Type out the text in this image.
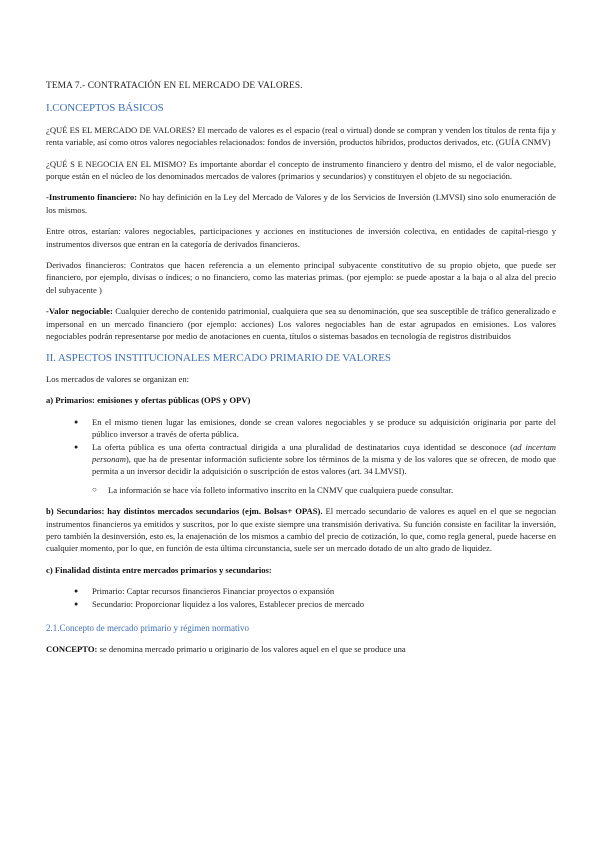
TEMA 7.- CONTRATACIÓN EN EL MERCADO DE VALORES.

I.CONCEPTOS BÁSICOS

¿QUÉ ES EL MERCADO DE VALORES? El mercado de valores es el espacio (real o virtual) donde se compran y venden los títulos de renta fija y renta variable, así como otros valores negociables relacionados: fondos de inversión, productos híbridos, productos derivados, etc. (GUÍA CNMV)

¿QUÉ S E NEGOCIA EN EL MISMO? Es importante abordar el concepto de instrumento financiero y dentro del mismo, el de valor negociable, porque están en el núcleo de los denominados mercados de valores (primarios y secundarios) y constituyen el objeto de su negociación.

-Instrumento financiero: No hay definición en la Ley del Mercado de Valores y de los Servicios de Inversión (LMVSI) sino solo enumeración de los mismos.

Entre otros, estarían: valores negociables, participaciones y acciones en instituciones de inversión colectiva, en entidades de capital-riesgo y instrumentos diversos que entran en la categoría de derivados financieros.

Derivados financieros: Contratos que hacen referencia a un elemento principal subyacente constitutivo de su propio objeto, que puede ser financiero, por ejemplo, divisas o índices; o no financiero, como las materias primas. (por ejemplo: se puede apostar a la baja o al alza del precio del subyacente )

-Valor negociable: Cualquier derecho de contenido patrimonial, cualquiera que sea su denominación, que sea susceptible de tráfico generalizado e impersonal en un mercado financiero (por ejemplo: acciones) Los valores negociables han de estar agrupados en emisiones. Los valores negociables podrán representarse por medio de anotaciones en cuenta, títulos o sistemas basados en tecnología de registros distribuidos

II. ASPECTOS INSTITUCIONALES MERCADO PRIMARIO DE VALORES

Los mercados de valores se organizan en:

a) Primarios: emisiones y ofertas públicas (OPS y OPV)

● En el mismo tienen lugar las emisiones, donde se crean valores negociables y se produce su adquisición originaria por parte del público inversor a través de oferta pública.
● La oferta pública es una oferta contractual dirigida a una pluralidad de destinatarios cuya identidad se desconoce (ad incertam personam), que ha de presentar información suficiente sobre los términos de la misma y de los valores que se ofrecen, de modo que permita a un inversor decidir la adquisición o suscripción de estos valores (art. 34 LMVSI).
○ La información se hace vía folleto informativo inscrito en la CNMV que cualquiera puede consultar.

b) Secundarios: hay distintos mercados secundarios (ejm. Bolsas+ OPAS). El mercado secundario de valores es aquel en el que se negocian instrumentos financieros ya emitidos y suscritos, por lo que existe siempre una transmisión derivativa. Su función consiste en facilitar la inversión, pero también la desinversión, esto es, la enajenación de los mismos a cambio del precio de cotización, lo que, como regla general, puede hacerse en cualquier momento, por lo que, en función de esta última circunstancia, suele ser un mercado dotado de un alto grado de liquidez.

c) Finalidad distinta entre mercados primarios y secundarios:

● Primario: Captar recursos financieros Financiar proyectos o expansión
● Secundario: Proporcionar liquidez a los valores, Establecer precios de mercado

2.1.Concepto de mercado primario y régimen normativo

CONCEPTO: se denomina mercado primario u originario de los valores aquel en el que se produce una
